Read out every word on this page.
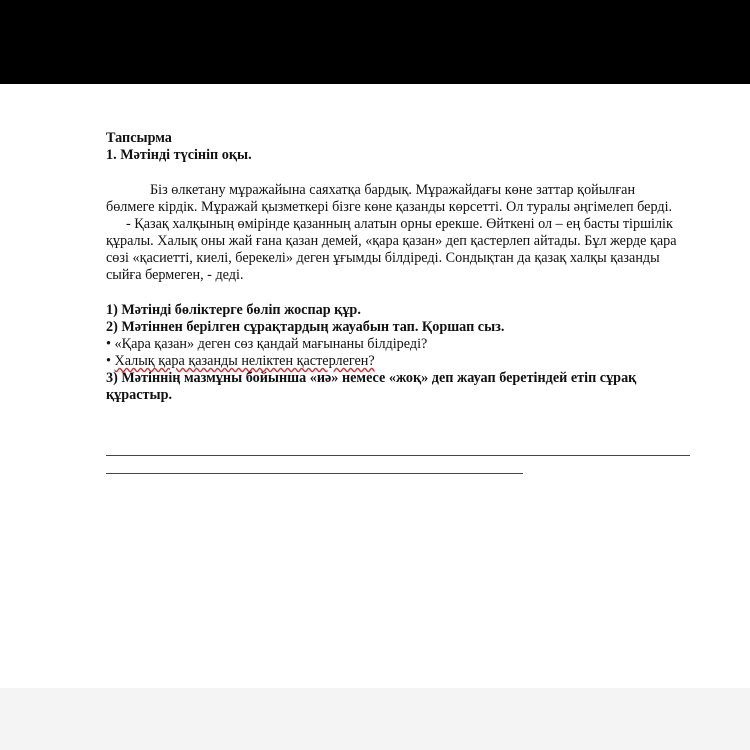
Тапсырма
1. Мәтінді түсініп оқы.
Біз өлкетану мұражайына саяхатқа бардық. Мұражайдағы көне заттар қойылған бөлмеге кірдік. Мұражай қызметкері бізге көне қазанды көрсетті. Ол туралы әңгімелеп берді.
- Қазақ халқының өмірінде қазанның алатын орны ерекше. Өйткені ол – ең басты тіршілік құралы. Халық оны жай ғана қазан демей, «қара қазан» деп қастерлеп айтады. Бұл жерде қара сөзі «қасиетті, киелі, берекелі» деген ұғымды білдіреді. Сондықтан да қазақ халқы қазанды сыйға бермеген, - деді.
1) Мәтінді бөліктерге бөліп жоспар құр.
2) Мәтіннен берілген сұрақтардың жауабын тап. Қоршап сыз.
• «Қара қазан» деген сөз қандай мағынаны білдіреді?
• Халық қара қазанды неліктен қастерлеген?
3) Мәтіннің мазмұны бойынша «иә» немесе «жоқ» деп жауап беретіндей етіп сұрақ құрастыр.
